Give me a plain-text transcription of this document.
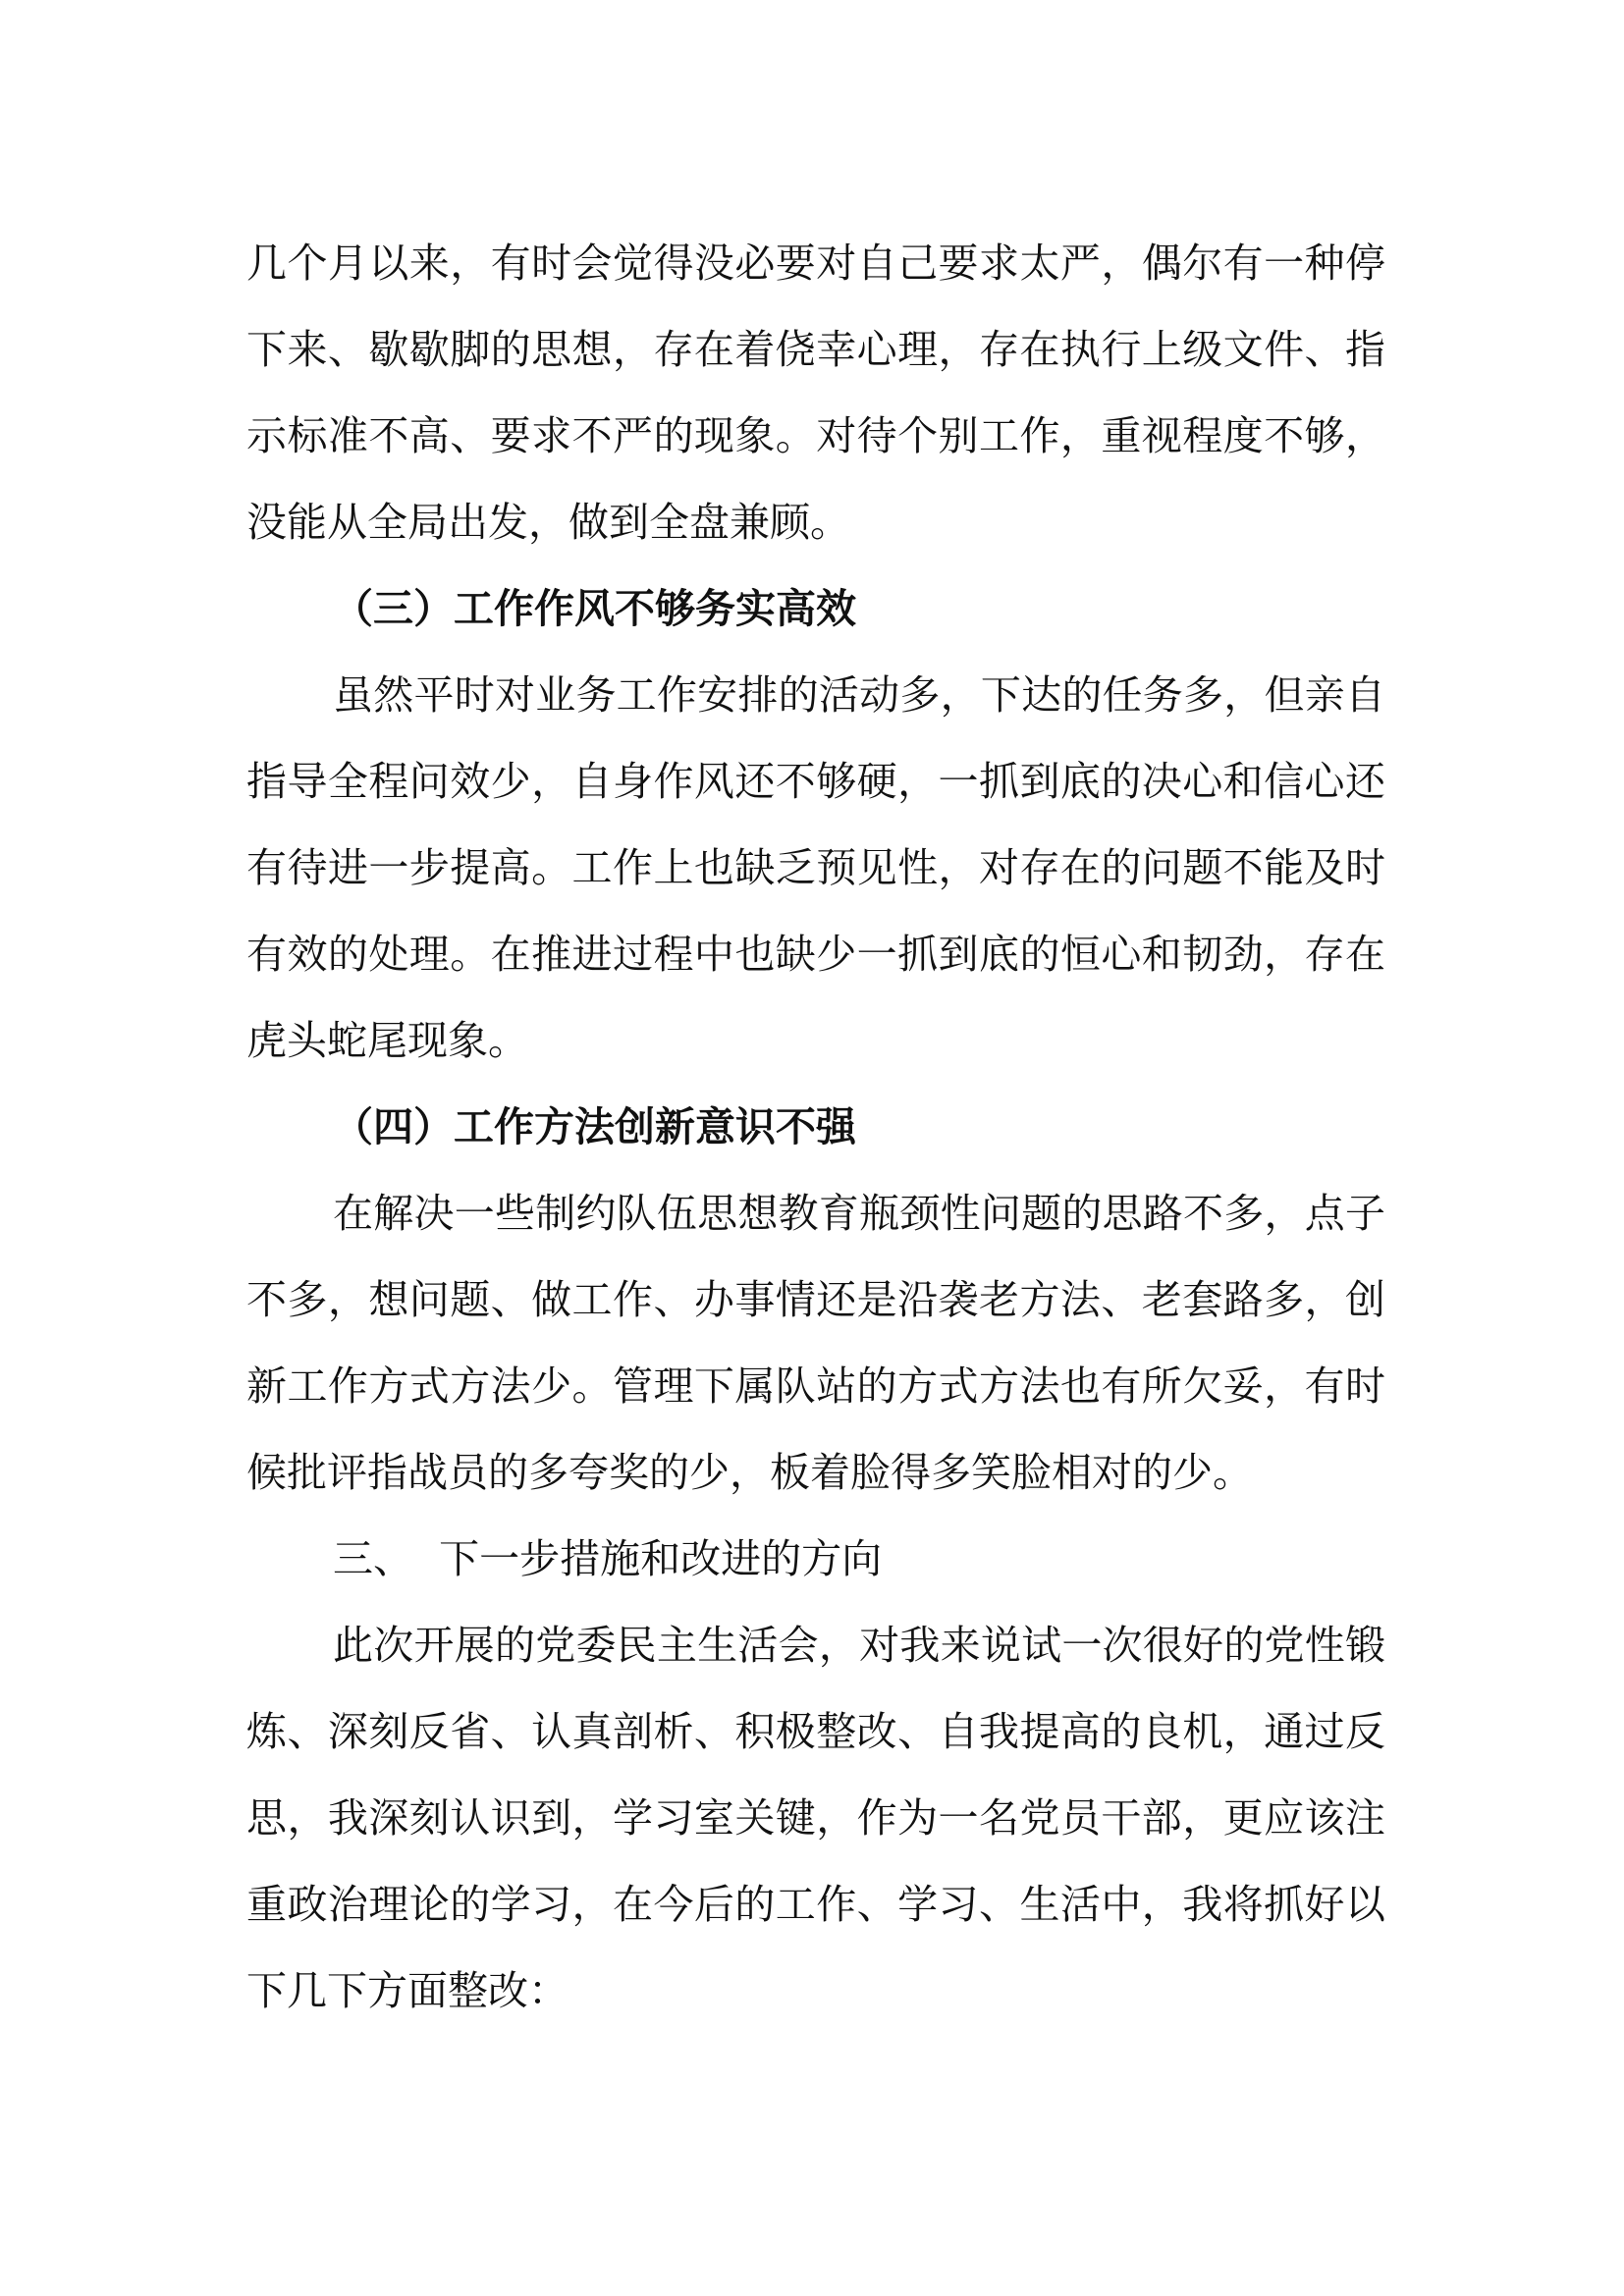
几个月以来，有时会觉得没必要对自己要求太严，偶尔有一种停下来、歇歇脚的思想，存在着侥幸心理，存在执行上级文件、指示标准不高、要求不严的现象。对待个别工作，重视程度不够，没能从全局出发，做到全盘兼顾。

（三）工作作风不够务实高效

虽然平时对业务工作安排的活动多，下达的任务多，但亲自指导全程问效少，自身作风还不够硬，一抓到底的决心和信心还有待进一步提高。工作上也缺乏预见性，对存在的问题不能及时有效的处理。在推进过程中也缺少一抓到底的恒心和韧劲，存在虎头蛇尾现象。

（四）工作方法创新意识不强

在解决一些制约队伍思想教育瓶颈性问题的思路不多，点子不多，想问题、做工作、办事情还是沿袭老方法、老套路多，创新工作方式方法少。管理下属队站的方式方法也有所欠妥，有时候批评指战员的多夸奖的少，板着脸得多笑脸相对的少。

三、  下一步措施和改进的方向

此次开展的党委民主生活会，对我来说试一次很好的党性锻炼、深刻反省、认真剖析、积极整改、自我提高的良机，通过反思，我深刻认识到，学习室关键，作为一名党员干部，更应该注重政治理论的学习，在今后的工作、学习、生活中，我将抓好以下几下方面整改：
